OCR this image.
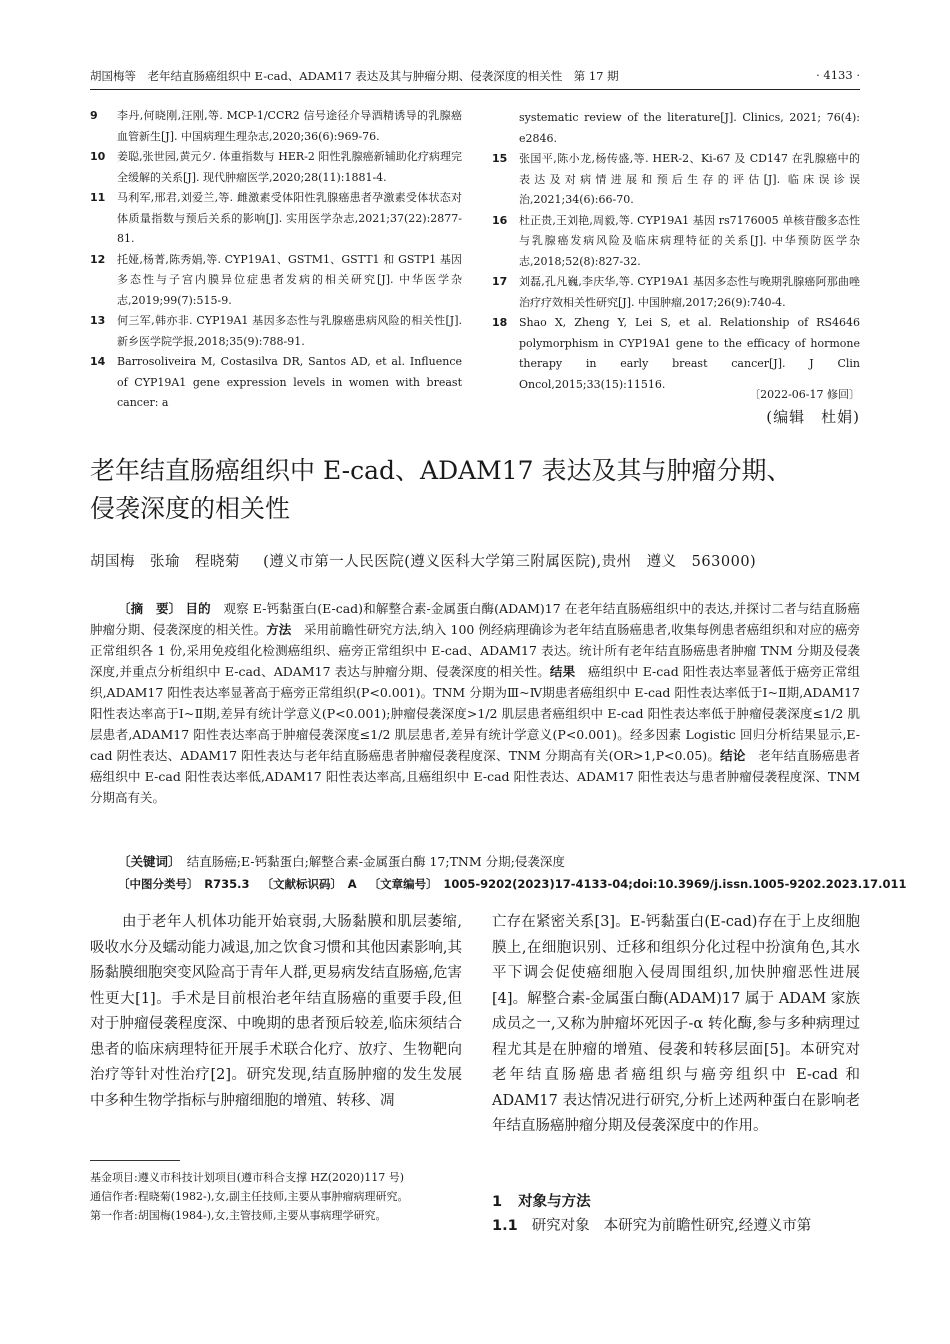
胡国梅等　老年结直肠癌组织中 E-cad、ADAM17 表达及其与肿瘤分期、侵袭深度的相关性　第 17 期	· 4133 ·

9 李丹,何晓刚,汪刚,等. MCP-1/CCR2 信号途径介导酒精诱导的乳腺癌血管新生[J]. 中国病理生理杂志,2020;36(6):969-76.

10 姜聪,张世园,黄元夕. 体重指数与 HER-2 阳性乳腺癌新辅助化疗病理完全缓解的关系[J]. 现代肿瘤医学,2020;28(11):1881-4.

11 马利军,邢君,刘爱兰,等. 雌激素受体阳性乳腺癌患者孕激素受体状态对体质量指数与预后关系的影响[J]. 实用医学杂志,2021;37(22):2877-81.

12 托娅,杨菁,陈秀娟,等. CYP19A1、GSTM1、GSTT1 和 GSTP1 基因多态性与子宫内膜异位症患者发病的相关研究[J]. 中华医学杂志,2019;99(7):515-9.

13 何三军,韩亦非. CYP19A1 基因多态性与乳腺癌患病风险的相关性[J]. 新乡医学院学报,2018;35(9):788-91.

14 Barrosoliveira M, Costasilva DR, Santos AD, et al. Influence of CYP19A1 gene expression levels in women with breast cancer: a

systematic review of the literature[J]. Clinics, 2021; 76(4): e2846.

15 张国平,陈小龙,杨传盛,等. HER-2、Ki-67 及 CD147 在乳腺癌中的表达及对病情进展和预后生存的评估[J]. 临床误诊误治,2021;34(6):66-70.

16 杜正贵,王刘艳,周毅,等. CYP19A1 基因 rs7176005 单核苷酸多态性与乳腺癌发病风险及临床病理特征的关系[J]. 中华预防医学杂志,2018;52(8):827-32.

17 刘磊,孔凡巍,李庆华,等. CYP19A1 基因多态性与晚期乳腺癌阿那曲唑治疗疗效相关性研究[J]. 中国肿瘤,2017;26(9):740-4.

18 Shao X, Zheng Y, Lei S, et al. Relationship of RS4646 polymorphism in CYP19A1 gene to the efficacy of hormone therapy in early breast cancer[J]. J Clin Oncol,2015;33(15):11516.

〔2022-06-17 修回〕
(编辑　杜娟)
老年结直肠癌组织中 E-cad、ADAM17 表达及其与肿瘤分期、
侵袭深度的相关性
胡国梅　张瑜　程晓菊 (遵义市第一人民医院(遵义医科大学第三附属医院),贵州　遵义　563000)

〔摘　要〕 目的　 观察 E-钙黏蛋白(E-cad)和解整合素-金属蛋白酶(ADAM)17 在老年结直肠癌组织中的表达,并探讨二者与结直肠癌肿瘤分期、侵袭深度的相关性。方法　 采用前瞻性研究方法,纳入 100 例经病理确诊为老年结直肠癌患者,收集每例患者癌组织和对应的癌旁正常组织各 1 份,采用免疫组化检测癌组织、癌旁正常组织中 E-cad、ADAM17 表达。统计所有老年结直肠癌患者肿瘤 TNM 分期及侵袭深度,并重点分析组织中 E-cad、ADAM17 表达与肿瘤分期、侵袭深度的相关性。结果　 癌组织中 E-cad 阳性表达率显著低于癌旁正常组织,ADAM17 阳性表达率显著高于癌旁正常组织(P<0.001)。TNM 分期为Ⅲ~Ⅳ期患者癌组织中 E-cad 阳性表达率低于Ⅰ~Ⅱ期,ADAM17 阳性表达率高于Ⅰ~Ⅱ期,差异有统计学意义(P<0.001);肿瘤侵袭深度>1/2 肌层患者癌组织中 E-cad 阳性表达率低于肿瘤侵袭深度≤1/2 肌层患者,ADAM17 阳性表达率高于肿瘤侵袭深度≤1/2 肌层患者,差异有统计学意义(P<0.001)。经多因素 Logistic 回归分析结果显示,E-cad 阴性表达、ADAM17 阳性表达与老年结直肠癌患者肿瘤侵袭程度深、TNM 分期高有关(OR>1,P<0.05)。结论　 老年结直肠癌患者癌组织中 E-cad 阳性表达率低,ADAM17 阳性表达率高,且癌组织中 E-cad 阳性表达、ADAM17 阳性表达与患者肿瘤侵袭程度深、TNM 分期高有关。

〔关键词〕　 结直肠癌;E-钙黏蛋白;解整合素-金属蛋白酶 17;TNM 分期;侵袭深度
〔中图分类号〕　R735.3 〔文献标识码〕　A 〔文章编号〕　1005-9202(2023)17-4133-04;doi:10.3969/j.issn.1005-9202.2023.17.011

由于老年人机体功能开始衰弱,大肠黏膜和肌层萎缩,吸收水分及蠕动能力减退,加之饮食习惯和其他因素影响,其肠黏膜细胞突变风险高于青年人群,更易病发结直肠癌,危害性更大[1]。手术是目前根治老年结直肠癌的重要手段,但对于肿瘤侵袭程度深、中晚期的患者预后较差,临床须结合患者的临床病理特征开展手术联合化疗、放疗、生物靶向治疗等针对性治疗[2]。研究发现,结直肠肿瘤的发生发展中多种生物学指标与肿瘤细胞的增殖、转移、凋

亡存在紧密关系[3]。E-钙黏蛋白(E-cad)存在于上皮细胞膜上,在细胞识别、迁移和组织分化过程中扮演角色,其水平下调会促使癌细胞入侵周围组织,加快肿瘤恶性进展[4]。解整合素-金属蛋白酶(ADAM)17 属于 ADAM 家族成员之一,又称为肿瘤坏死因子-α 转化酶,参与多种病理过程尤其是在肿瘤的增殖、侵袭和转移层面[5]。本研究对老年结直肠癌患者癌组织与癌旁组织中 E-cad 和 ADAM17 表达情况进行研究,分析上述两种蛋白在影响老年结直肠癌肿瘤分期及侵袭深度中的作用。

基金项目:遵义市科技计划项目(遵市科合支撑 HZ(2020)117 号)

通信作者:程晓菊(1982-),女,副主任技师,主要从事肿瘤病理研究。

第一作者:胡国梅(1984-),女,主管技师,主要从事病理学研究。

1 对象与方法
1.1 研究对象 本研究为前瞻性研究,经遵义市第
